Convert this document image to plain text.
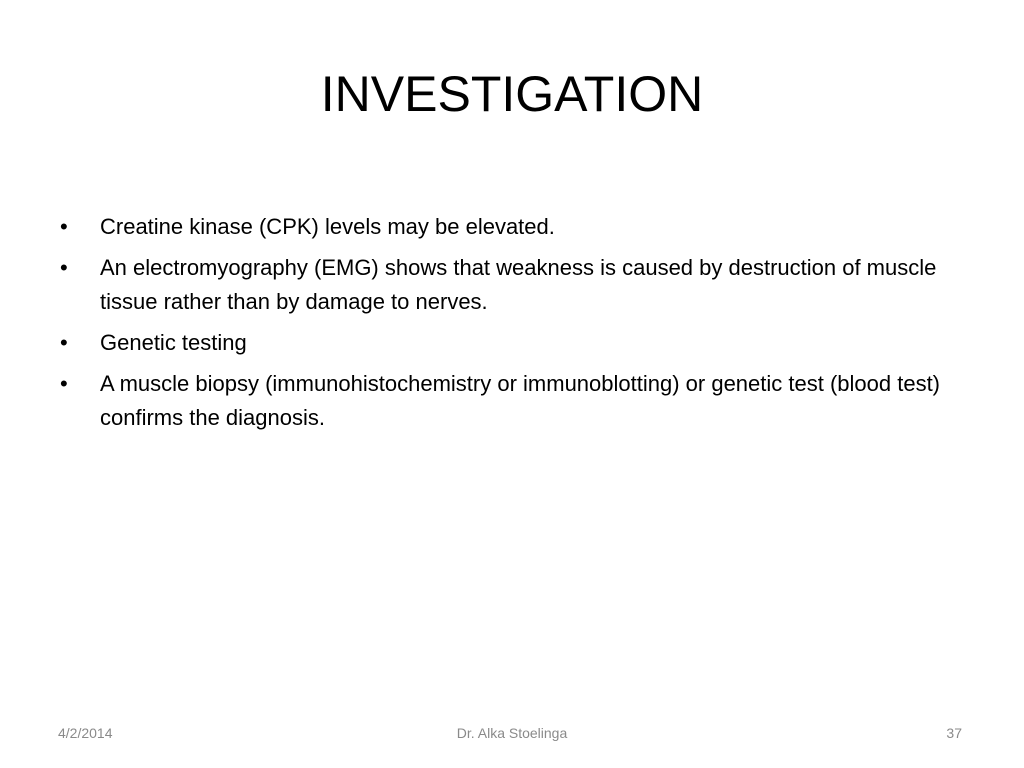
INVESTIGATION
• Creatine kinase (CPK) levels may be elevated.
• An electromyography (EMG) shows that weakness is caused by destruction of muscle tissue rather than by damage to nerves.
• Genetic testing
• A muscle biopsy (immunohistochemistry or immunoblotting) or genetic test (blood test) confirms the diagnosis.
Dr. Alka Stoelinga
4/2/2014	37
